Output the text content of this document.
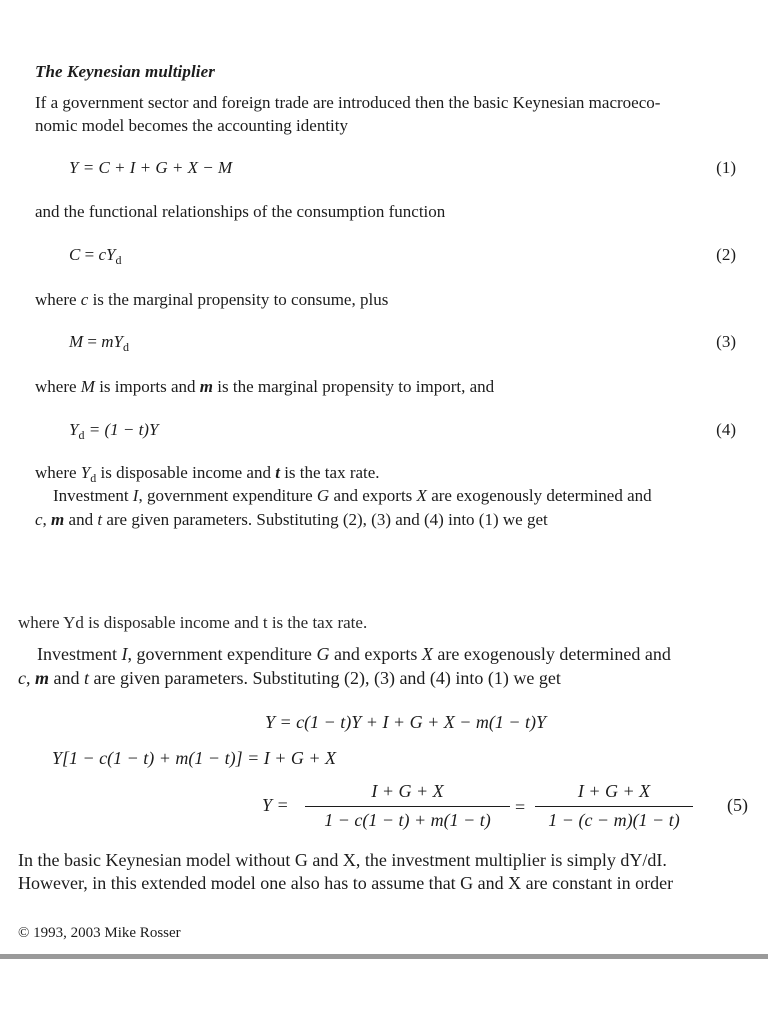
The Keynesian multiplier
If a government sector and foreign trade are introduced then the basic Keynesian macroeco-
nomic model becomes the accounting identity
Y = C + I + G + X − M	(1)
and the functional relationships of the consumption function
$C = cY_d$	(2)
where c is the marginal propensity to consume, plus
$M = mY_d$	(3)
where M is imports and m is the marginal propensity to import, and
$Y_d = (1 - t)Y$	(4)
where $Y_d$ is disposable income and t is the tax rate.
Investment I, government expenditure G and exports X are exogenously determined and
c, m and t are given parameters. Substituting (2), (3) and (4) into (1) we get
where Yd is disposable income and t is the tax rate.
Investment I, government expenditure G and exports X are exogenously determined and
c, m and t are given parameters. Substituting (2), (3) and (4) into (1) we get
Y = c(1 − t)Y + I + G + X − m(1 − t)Y
Y[1 − c(1 − t) + m(1 − t)] = I + G + X
Y =
I + G + X
1 − c(1 − t) + m(1 − t)
=
I + G + X
1 − (c − m)(1 − t)
(5)
In the basic Keynesian model without G and X, the investment multiplier is simply dY/dI.
However, in this extended model one also has to assume that G and X are constant in order
© 1993, 2003 Mike Rosser
